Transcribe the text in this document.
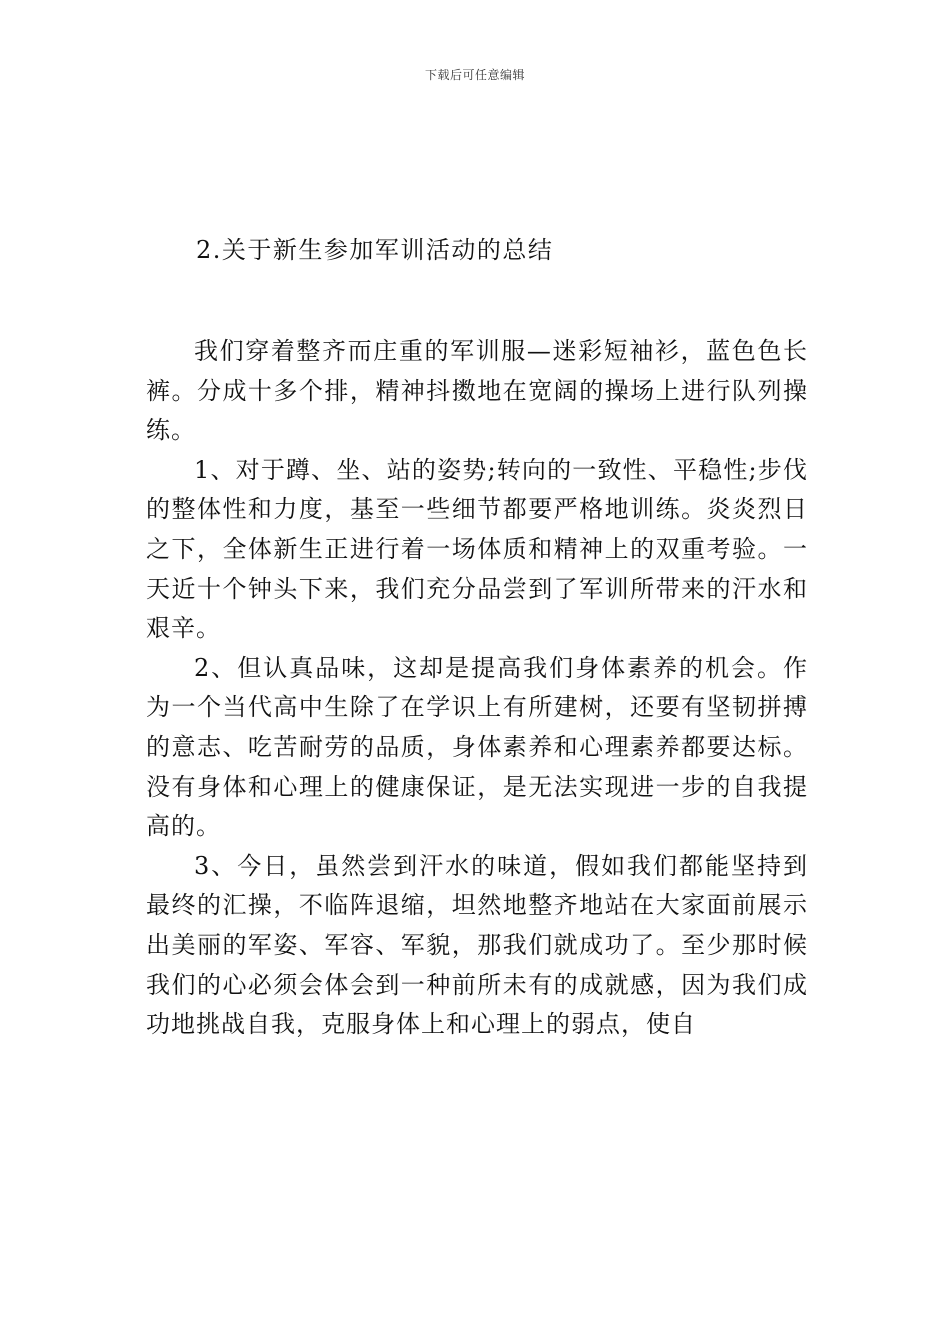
下载后可任意编辑
2.关于新生参加军训活动的总结

我们穿着整齐而庄重的军训服—迷彩短袖衫，蓝色色长裤。分成十多个排，精神抖擞地在宽阔的操场上进行队列操练。

1、对于蹲、坐、站的姿势;转向的一致性、平稳性;步伐的整体性和力度，基至一些细节都要严格地训练。炎炎烈日之下，全体新生正进行着一场体质和精神上的双重考验。一天近十个钟头下来，我们充分品尝到了军训所带来的汗水和艰辛。

2、但认真品味，这却是提高我们身体素养的机会。作为一个当代高中生除了在学识上有所建树，还要有坚韧拼搏的意志、吃苦耐劳的品质，身体素养和心理素养都要达标。没有身体和心理上的健康保证，是无法实现进一步的自我提高的。

3、今日，虽然尝到汗水的味道，假如我们都能坚持到最终的汇操，不临阵退缩，坦然地整齐地站在大家面前展示出美丽的军姿、军容、军貌，那我们就成功了。至少那时候我们的心必须会体会到一种前所未有的成就感，因为我们成功地挑战自我，克服身体上和心理上的弱点，使自
